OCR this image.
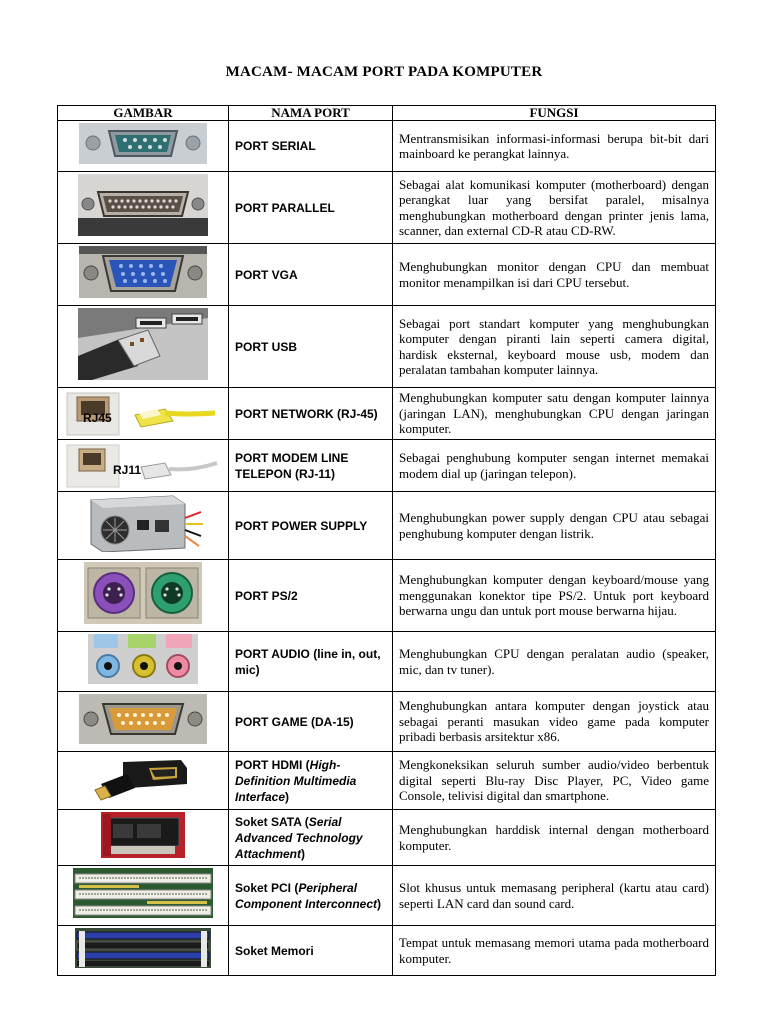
MACAM- MACAM PORT PADA KOMPUTER
GAMBAR	NAMA PORT	FUNGSI
	PORT SERIAL	Mentransmisikan informasi-informasi berupa bit-bit dari mainboard ke perangkat lainnya.
	PORT PARALLEL	Sebagai alat komunikasi komputer (motherboard) dengan perangkat luar yang bersifat paralel, misalnya menghubungkan motherboard dengan printer jenis lama, scanner, dan external CD-R atau CD-RW.
	PORT VGA	Menghubungkan monitor dengan CPU dan membuat monitor menampilkan isi dari CPU tersebut.
	PORT USB	Sebagai port standart komputer yang menghubungkan komputer dengan piranti lain seperti camera digital, hardisk eksternal, keyboard mouse usb, modem dan peralatan tambahan komputer lainnya.

RJ45	PORT NETWORK (RJ-45)	Menghubungkan komputer satu dengan komputer lainnya (jaringan LAN), menghubungkan CPU dengan jaringan komputer.

RJ11	PORT MODEM LINE TELEPON (RJ-11)	Sebagai penghubung komputer sengan internet memakai modem dial up (jaringan telepon).
	PORT POWER SUPPLY	Menghubungkan power supply dengan CPU atau sebagai penghubung komputer dengan listrik.
	PORT PS/2	Menghubungkan komputer dengan keyboard/mouse yang menggunakan konektor tipe PS/2. Untuk port keyboard berwarna ungu dan untuk port mouse berwarna hijau.
	PORT AUDIO (line in, out, mic)	Menghubungkan CPU dengan peralatan audio (speaker, mic, dan tv tuner).
	PORT GAME (DA-15)	Menghubungkan antara komputer dengan joystick atau sebagai peranti masukan video game pada komputer pribadi berbasis arsitektur x86.
	PORT HDMI (High-Definition Multimedia Interface)	Mengkoneksikan seluruh sumber audio/video berbentuk digital seperti Blu-ray Disc Player, PC, Video game Console, telivisi digital dan smartphone.
	Soket SATA (Serial Advanced Technology Attachment)	Menghubungkan harddisk internal dengan motherboard komputer.
	Soket PCI (Peripheral Component Interconnect)	Slot khusus untuk memasang peripheral (kartu atau card) seperti LAN card dan sound card.
	Soket Memori	Tempat untuk memasang memori utama pada motherboard komputer.
